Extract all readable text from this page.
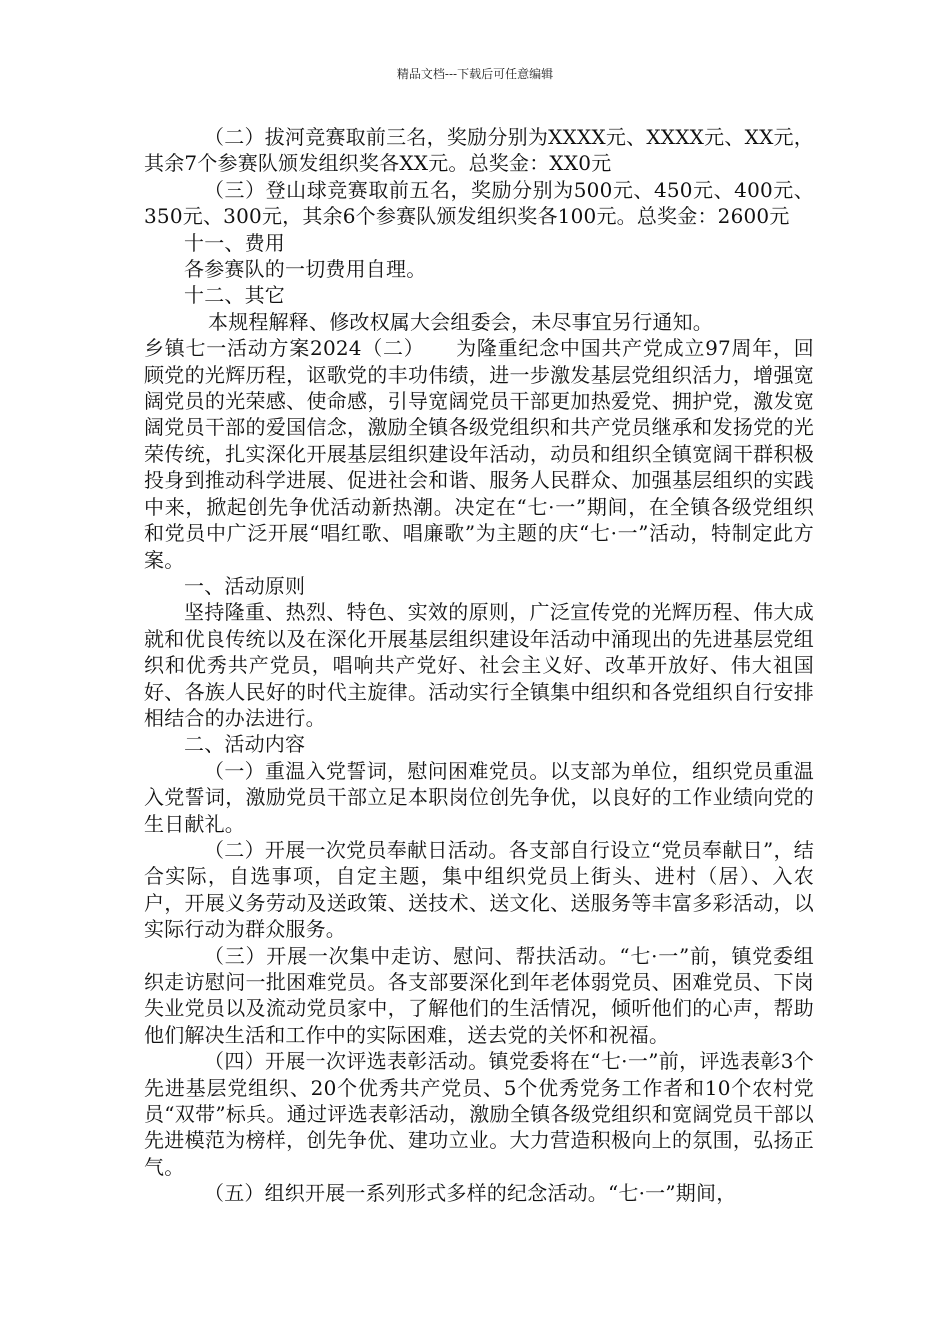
精品文档---下载后可任意编辑

（二）拔河竞赛取前三名，奖励分别为XXXX元、XXXX元、XX元，其余7个参赛队颁发组织奖各XX元。总奖金：XX0元

（三）登山球竞赛取前五名，奖励分别为500元、450元、400元、350元、300元，其余6个参赛队颁发组织奖各100元。总奖金：2600元

十一、费用

各参赛队的一切费用自理。

十二、其它

本规程解释、修改权属大会组委会，未尽事宜另行通知。

乡镇七一活动方案2024（二）　　为隆重纪念中国共产党成立97周年，回顾党的光辉历程，讴歌党的丰功伟绩，进一步激发基层党组织活力，增强宽阔党员的光荣感、使命感，引导宽阔党员干部更加热爱党、拥护党，激发宽阔党员干部的爱国信念，激励全镇各级党组织和共产党员继承和发扬党的光荣传统，扎实深化开展基层组织建设年活动，动员和组织全镇宽阔干群积极投身到推动科学进展、促进社会和谐、服务人民群众、加强基层组织的实践中来，掀起创先争优活动新热潮。决定在“七·一”期间，在全镇各级党组织和党员中广泛开展“唱红歌、唱廉歌”为主题的庆“七·一”活动，特制定此方案。

一、活动原则

坚持隆重、热烈、特色、实效的原则，广泛宣传党的光辉历程、伟大成就和优良传统以及在深化开展基层组织建设年活动中涌现出的先进基层党组织和优秀共产党员，唱响共产党好、社会主义好、改革开放好、伟大祖国好、各族人民好的时代主旋律。活动实行全镇集中组织和各党组织自行安排相结合的办法进行。

二、活动内容

（一）重温入党誓词，慰问困难党员。以支部为单位，组织党员重温入党誓词，激励党员干部立足本职岗位创先争优，以良好的工作业绩向党的生日献礼。

（二）开展一次党员奉献日活动。各支部自行设立“党员奉献日”，结合实际，自选事项，自定主题，集中组织党员上街头、进村（居）、入农户，开展义务劳动及送政策、送技术、送文化、送服务等丰富多彩活动，以实际行动为群众服务。

（三）开展一次集中走访、慰问、帮扶活动。“七·一”前，镇党委组织走访慰问一批困难党员。各支部要深化到年老体弱党员、困难党员、下岗失业党员以及流动党员家中，了解他们的生活情况，倾听他们的心声，帮助他们解决生活和工作中的实际困难，送去党的关怀和祝福。

（四）开展一次评选表彰活动。镇党委将在“七·一”前，评选表彰3个先进基层党组织、20个优秀共产党员、5个优秀党务工作者和10个农村党员“双带”标兵。通过评选表彰活动，激励全镇各级党组织和宽阔党员干部以先进模范为榜样，创先争优、建功立业。大力营造积极向上的氛围，弘扬正气。

（五）组织开展一系列形式多样的纪念活动。“七·一”期间，
